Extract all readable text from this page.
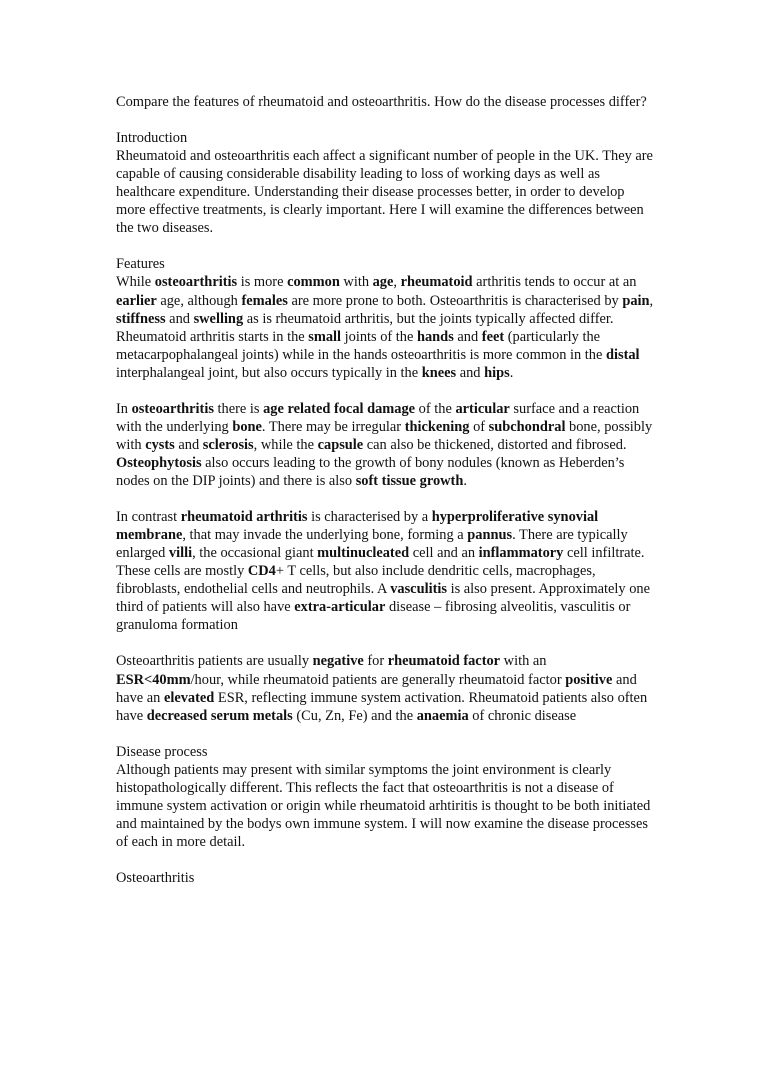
Compare the features of rheumatoid and osteoarthritis. How do the disease processes differ?

Introduction

Rheumatoid and osteoarthritis each affect a significant number of people in the UK. They are capable of causing considerable disability leading to loss of working days as well as healthcare expenditure. Understanding their disease processes better, in order to develop more effective treatments, is clearly important. Here I will examine the differences between the two diseases.

Features

While osteoarthritis is more common with age, rheumatoid arthritis tends to occur at an earlier age, although females are more prone to both. Osteoarthritis is characterised by pain, stiffness and swelling as is rheumatoid arthritis, but the joints typically affected differ. Rheumatoid arthritis starts in the small joints of the hands and feet (particularly the metacarpophalangeal joints) while in the hands osteoarthritis is more common in the distal interphalangeal joint, but also occurs typically in the knees and hips.

In osteoarthritis there is age related focal damage of the articular surface and a reaction with the underlying bone. There may be irregular thickening of subchondral bone, possibly with cysts and sclerosis, while the capsule can also be thickened, distorted and fibrosed. Osteophytosis also occurs leading to the growth of bony nodules (known as Heberden’s nodes on the DIP joints) and there is also soft tissue growth.

In contrast rheumatoid arthritis is characterised by a hyperproliferative synovial membrane, that may invade the underlying bone, forming a pannus. There are typically enlarged villi, the occasional giant multinucleated cell and an inflammatory cell infiltrate. These cells are mostly CD4+ T cells, but also include dendritic cells, macrophages, fibroblasts, endothelial cells and neutrophils. A vasculitis is also present. Approximately one third of patients will also have extra-articular disease – fibrosing alveolitis, vasculitis or granuloma formation

Osteoarthritis patients are usually negative for rheumatoid factor with an ESR<40mm/hour, while rheumatoid patients are generally rheumatoid factor positive and have an elevated ESR, reflecting immune system activation. Rheumatoid patients also often have decreased serum metals (Cu, Zn, Fe) and the anaemia of chronic disease

Disease process

Although patients may present with similar symptoms the joint environment is clearly histopathologically different. This reflects the fact that osteoarthritis is not a disease of immune system activation or origin while rheumatoid arhtiritis is thought to be both initiated and maintained by the bodys own immune system. I will now examine the disease processes of each in more detail.

Osteoarthritis
